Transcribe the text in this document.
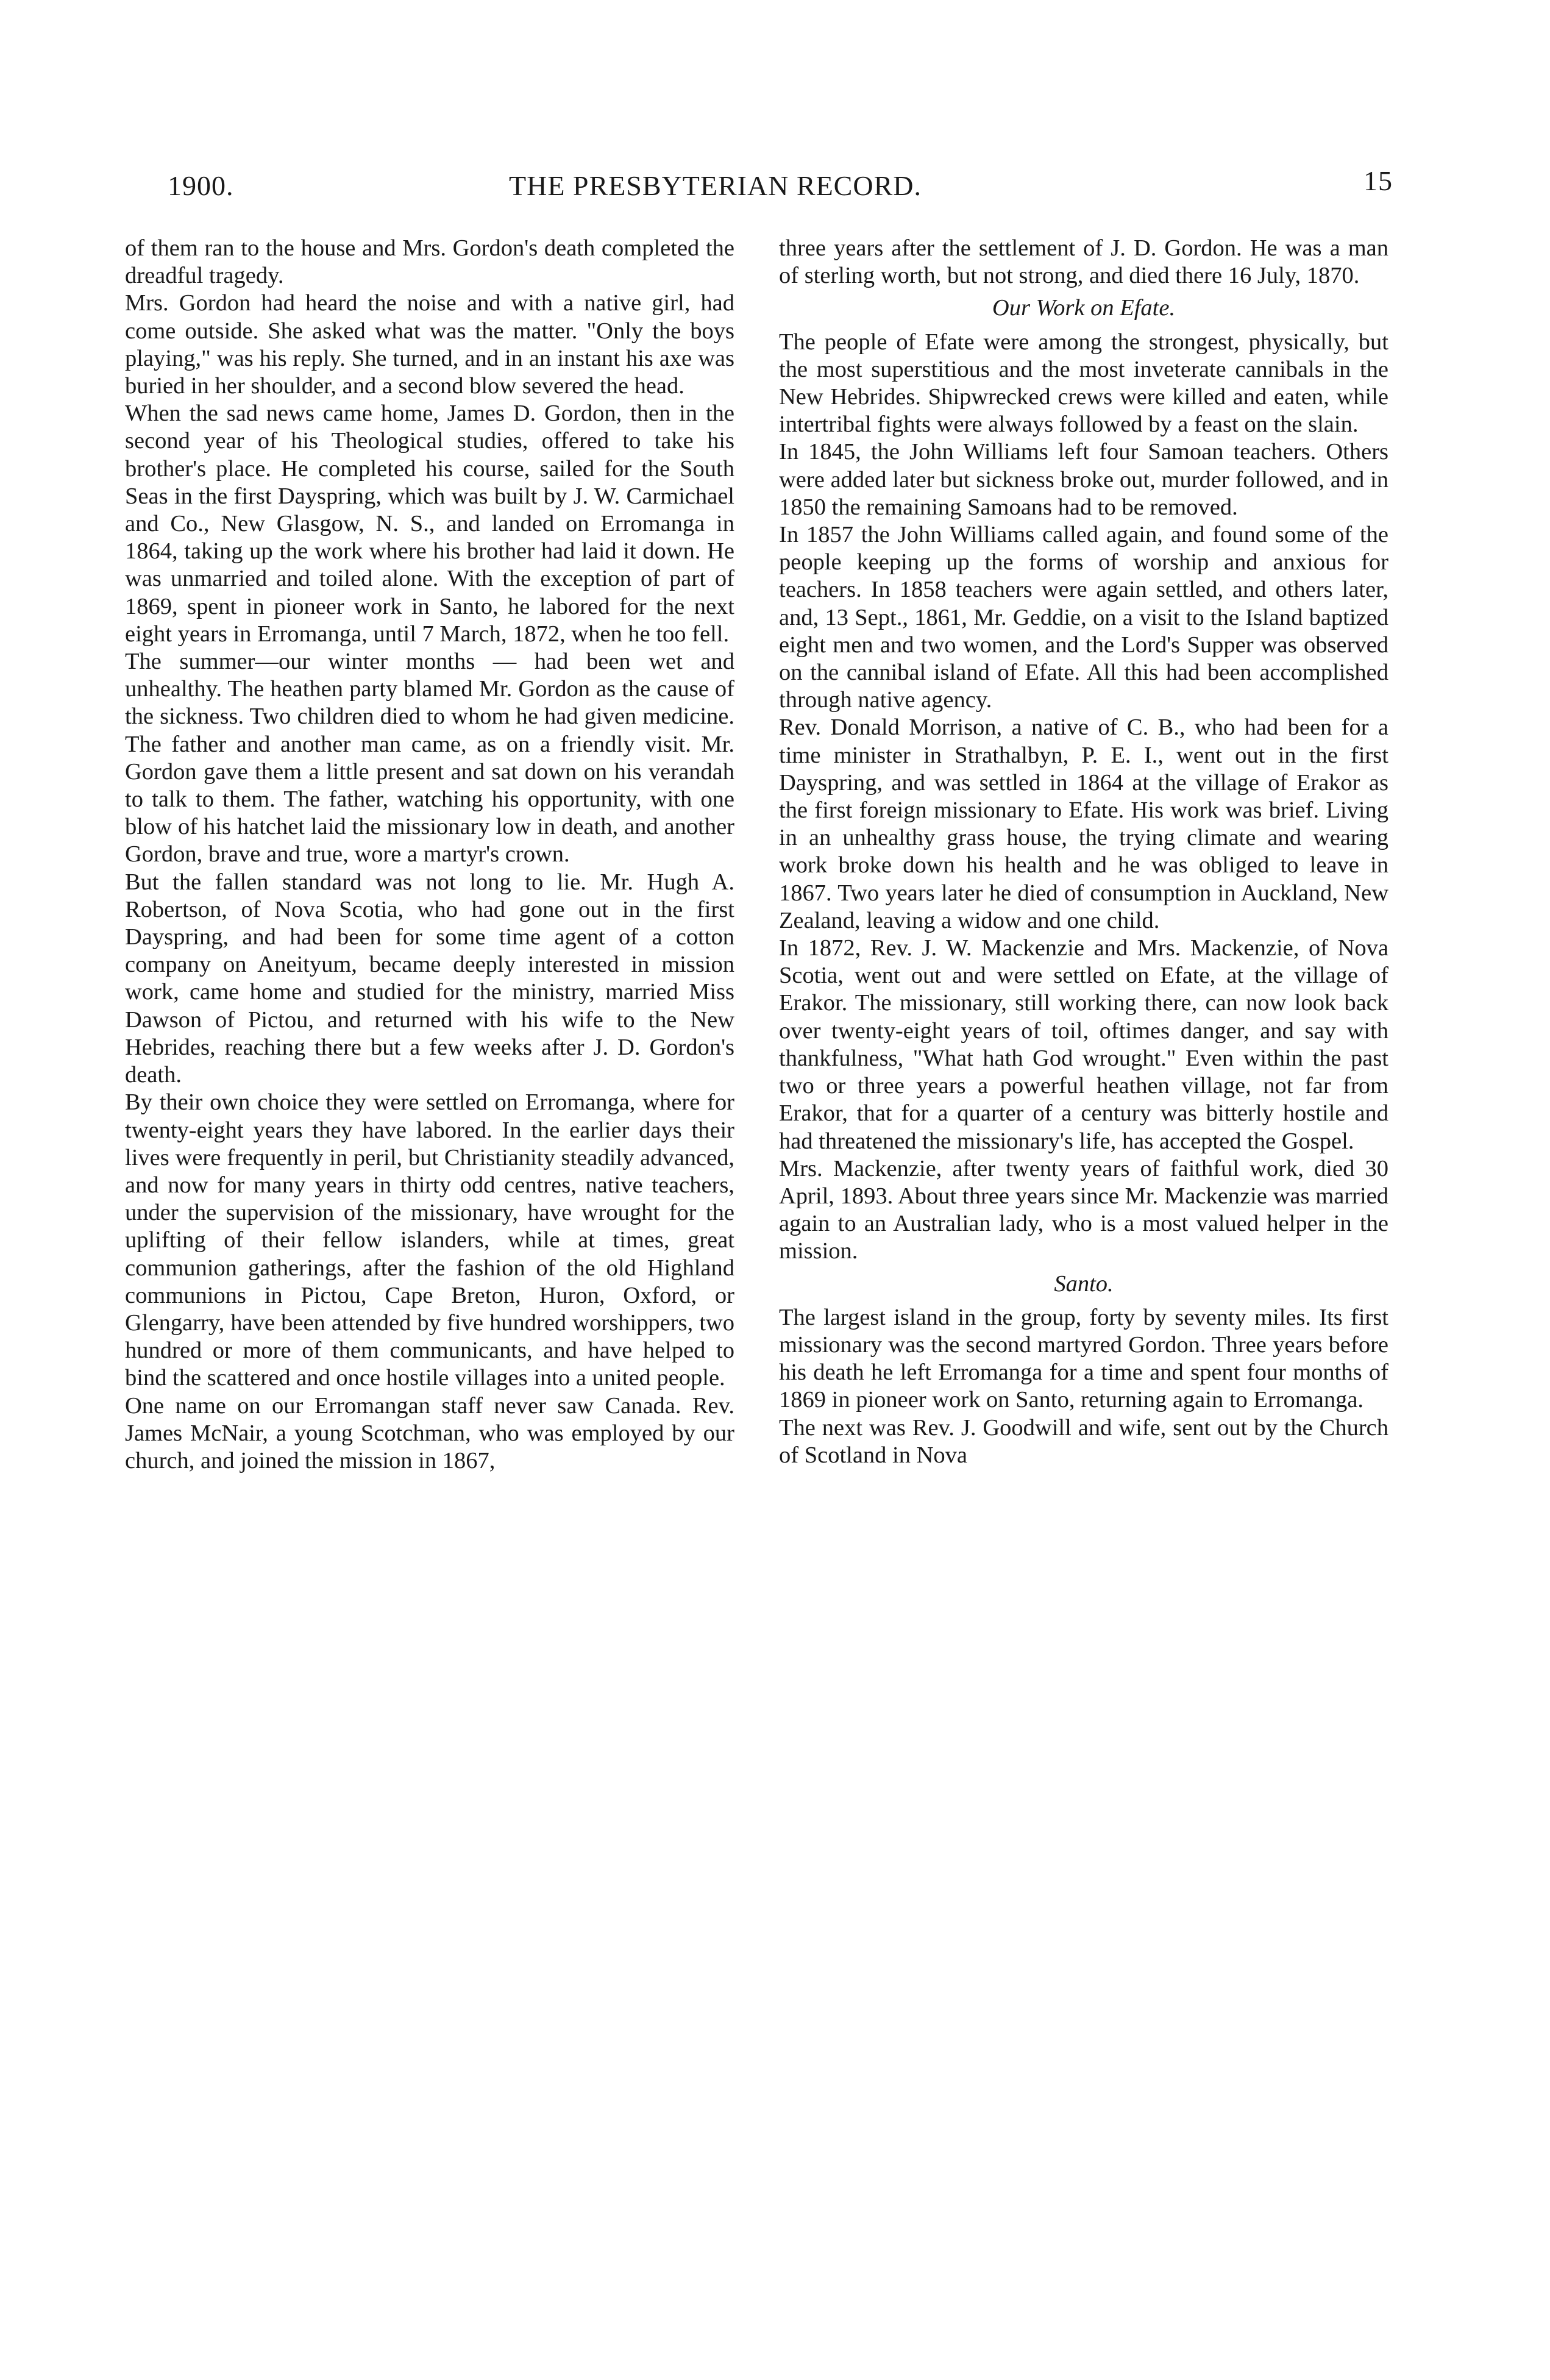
1900.	THE PRESBYTERIAN RECORD.	15

of them ran to the house and Mrs. Gordon's death completed the dreadful tragedy.

Mrs. Gordon had heard the noise and with a native girl, had come outside. She asked what was the matter. "Only the boys playing," was his reply. She turned, and in an instant his axe was buried in her shoulder, and a second blow severed the head.

When the sad news came home, James D. Gordon, then in the second year of his Theological studies, offered to take his brother's place. He completed his course, sailed for the South Seas in the first Dayspring, which was built by J. W. Carmichael and Co., New Glasgow, N. S., and landed on Erromanga in 1864, taking up the work where his brother had laid it down. He was unmarried and toiled alone. With the exception of part of 1869, spent in pioneer work in Santo, he labored for the next eight years in Erromanga, until 7 March, 1872, when he too fell.

The summer—our winter months — had been wet and unhealthy. The heathen party blamed Mr. Gordon as the cause of the sickness. Two children died to whom he had given medicine. The father and another man came, as on a friendly visit. Mr. Gordon gave them a little present and sat down on his verandah to talk to them. The father, watching his opportunity, with one blow of his hatchet laid the missionary low in death, and another Gordon, brave and true, wore a martyr's crown.

But the fallen standard was not long to lie. Mr. Hugh A. Robertson, of Nova Scotia, who had gone out in the first Dayspring, and had been for some time agent of a cotton company on Aneityum, became deeply interested in mission work, came home and studied for the ministry, married Miss Dawson of Pictou, and returned with his wife to the New Hebrides, reaching there but a few weeks after J. D. Gordon's death.

By their own choice they were settled on Erromanga, where for twenty-eight years they have labored. In the earlier days their lives were frequently in peril, but Christianity steadily advanced, and now for many years in thirty odd centres, native teachers, under the supervision of the missionary, have wrought for the uplifting of their fellow islanders, while at times, great communion gatherings, after the fashion of the old Highland communions in Pictou, Cape Breton, Huron, Oxford, or Glengarry, have been attended by five hundred worshippers, two hundred or more of them communicants, and have helped to bind the scattered and once hostile villages into a united people.

One name on our Erromangan staff never saw Canada. Rev. James McNair, a young Scotchman, who was employed by our church, and joined the mission in 1867,

three years after the settlement of J. D. Gordon. He was a man of sterling worth, but not strong, and died there 16 July, 1870.

Our Work on Efate.

The people of Efate were among the strongest, physically, but the most superstitious and the most inveterate cannibals in the New Hebrides. Shipwrecked crews were killed and eaten, while intertribal fights were always followed by a feast on the slain.

In 1845, the John Williams left four Samoan teachers. Others were added later but sickness broke out, murder followed, and in 1850 the remaining Samoans had to be removed.

In 1857 the John Williams called again, and found some of the people keeping up the forms of worship and anxious for teachers. In 1858 teachers were again settled, and others later, and, 13 Sept., 1861, Mr. Geddie, on a visit to the Island baptized eight men and two women, and the Lord's Supper was observed on the cannibal island of Efate. All this had been accomplished through native agency.

Rev. Donald Morrison, a native of C. B., who had been for a time minister in Strathalbyn, P. E. I., went out in the first Dayspring, and was settled in 1864 at the village of Erakor as the first foreign missionary to Efate. His work was brief. Living in an unhealthy grass house, the trying climate and wearing work broke down his health and he was obliged to leave in 1867. Two years later he died of consumption in Auckland, New Zealand, leaving a widow and one child.

In 1872, Rev. J. W. Mackenzie and Mrs. Mackenzie, of Nova Scotia, went out and were settled on Efate, at the village of Erakor. The missionary, still working there, can now look back over twenty-eight years of toil, oftimes danger, and say with thankfulness, "What hath God wrought." Even within the past two or three years a powerful heathen village, not far from Erakor, that for a quarter of a century was bitterly hostile and had threatened the missionary's life, has accepted the Gospel.

Mrs. Mackenzie, after twenty years of faithful work, died 30 April, 1893. About three years since Mr. Mackenzie was married again to an Australian lady, who is a most valued helper in the mission.

Santo.

The largest island in the group, forty by seventy miles. Its first missionary was the second martyred Gordon. Three years before his death he left Erromanga for a time and spent four months of 1869 in pioneer work on Santo, returning again to Erromanga.

The next was Rev. J. Goodwill and wife, sent out by the Church of Scotland in Nova
